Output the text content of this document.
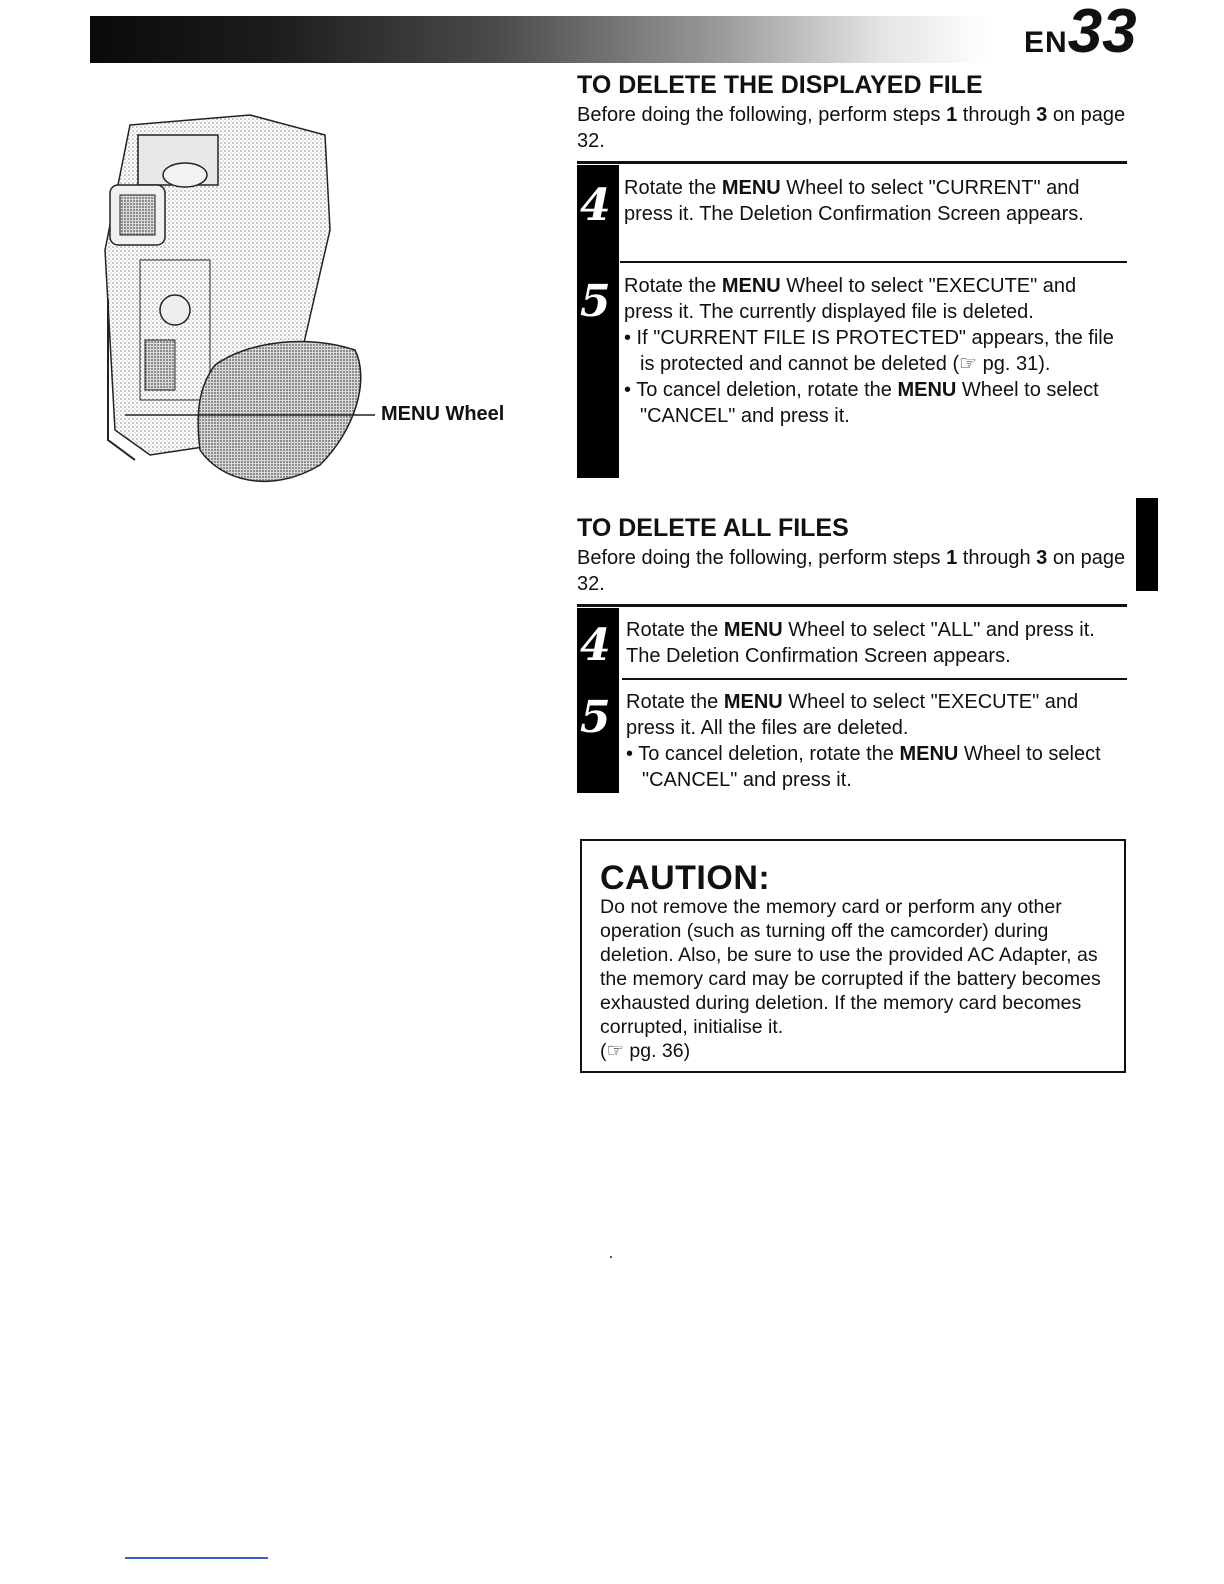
EN33
MENU Wheel
TO DELETE THE DISPLAYED FILE

Before doing the following, perform steps 1 through 3 on page 32.

4 Rotate the MENU Wheel to select "CURRENT" and press it. The Deletion Confirmation Screen appears.
5 Rotate the MENU Wheel to select "EXECUTE" and press it. The currently displayed file is deleted.
• If "CURRENT FILE IS PROTECTED" appears, the file is protected and cannot be deleted (☞ pg. 31).
• To cancel deletion, rotate the MENU Wheel to select "CANCEL" and press it.
TO DELETE ALL FILES

Before doing the following, perform steps 1 through 3 on page 32.

4 Rotate the MENU Wheel to select "ALL" and press it. The Deletion Confirmation Screen appears.
5 Rotate the MENU Wheel to select "EXECUTE" and press it. All the files are deleted.
• To cancel deletion, rotate the MENU Wheel to select "CANCEL" and press it.
CAUTION:
Do not remove the memory card or perform any other operation (such as turning off the camcorder) during deletion. Also, be sure to use the provided AC Adapter, as the memory card may be corrupted if the battery becomes exhausted during deletion. If the memory card becomes corrupted, initialise it.
(☞ pg. 36)
